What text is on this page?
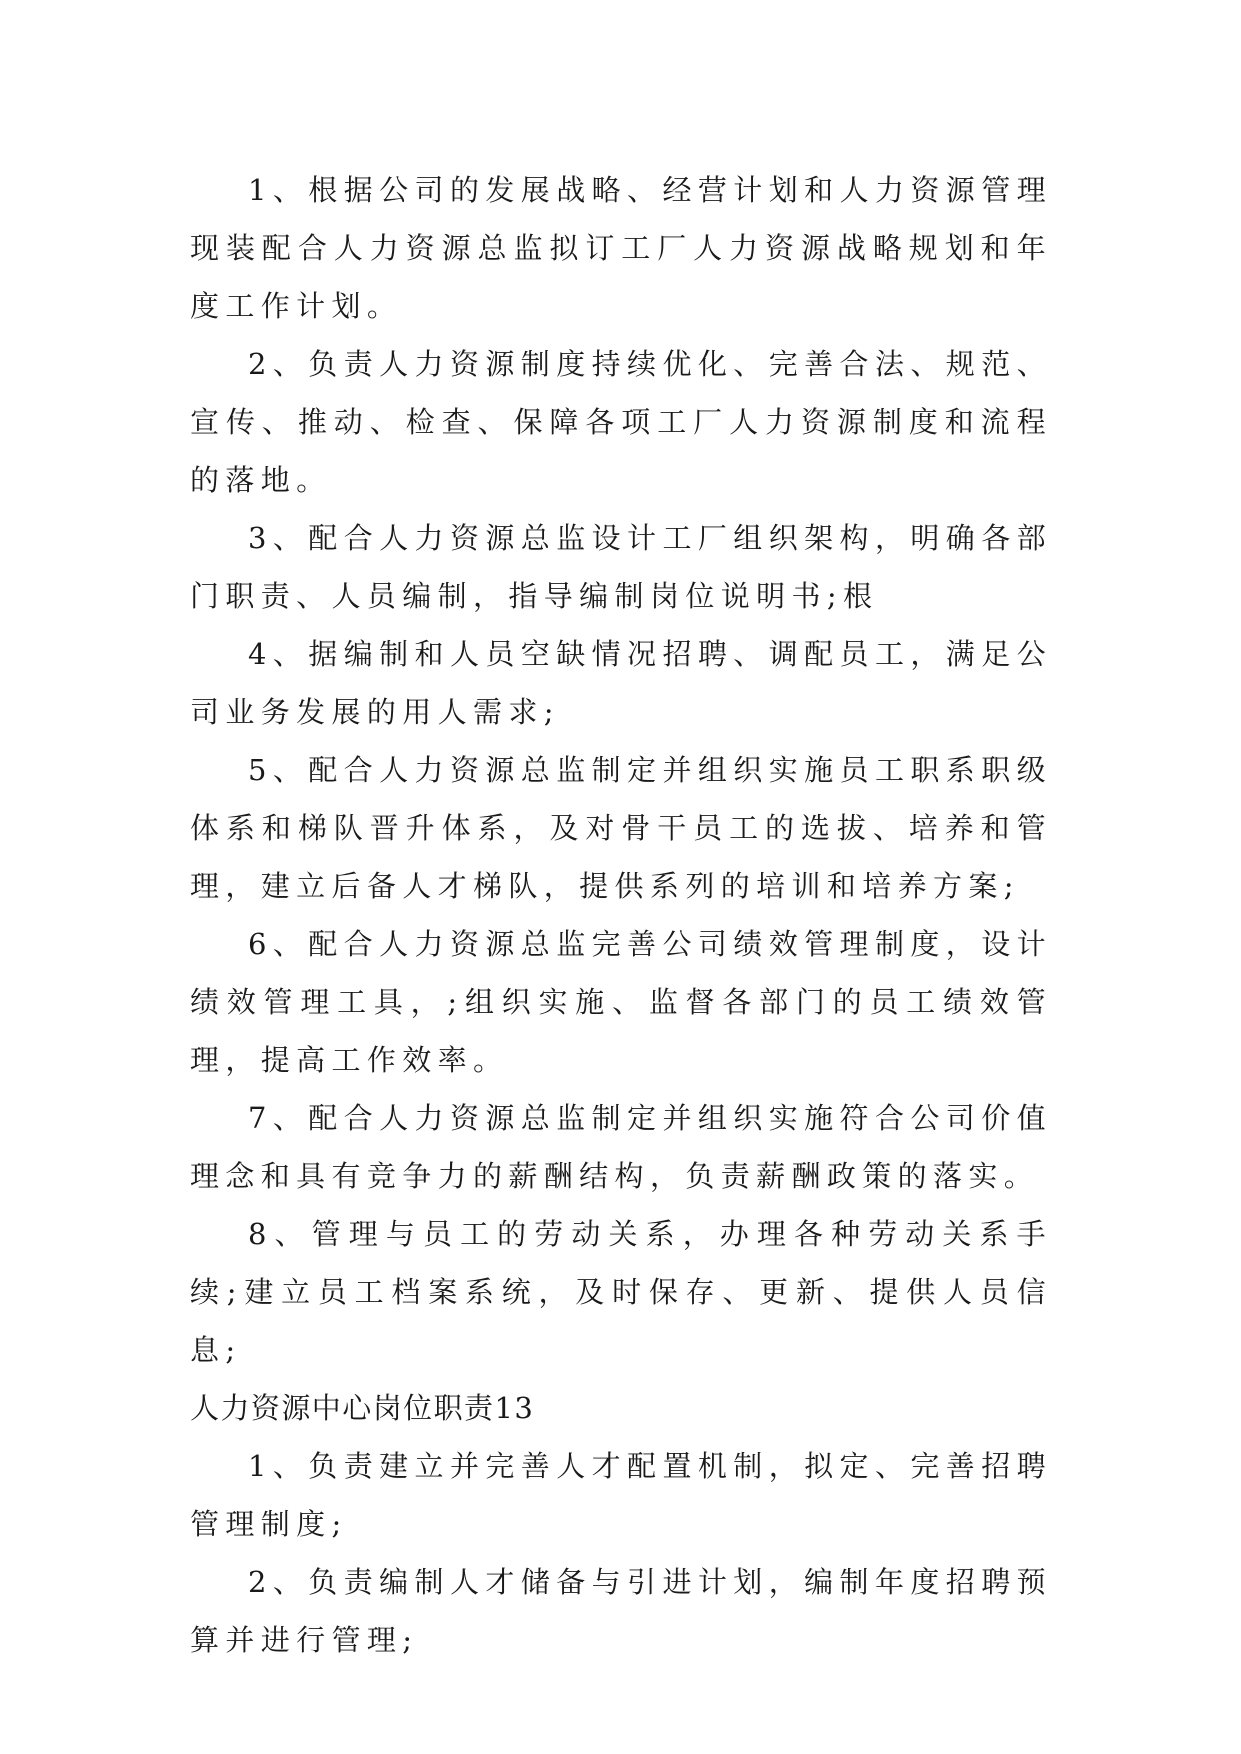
1、根据公司的发展战略、经营计划和人力资源管理现装配合人力资源总监拟订工厂人力资源战略规划和年度工作计划。

2、负责人力资源制度持续优化、完善合法、规范、宣传、推动、检查、保障各项工厂人力资源制度和流程的落地。

3、配合人力资源总监设计工厂组织架构，明确各部门职责、人员编制，指导编制岗位说明书;根

4、据编制和人员空缺情况招聘、调配员工，满足公司业务发展的用人需求;

5、配合人力资源总监制定并组织实施员工职系职级体系和梯队晋升体系，及对骨干员工的选拔、培养和管理，建立后备人才梯队，提供系列的培训和培养方案;

6、配合人力资源总监完善公司绩效管理制度，设计绩效管理工具，;组织实施、监督各部门的员工绩效管理，提高工作效率。

7、配合人力资源总监制定并组织实施符合公司价值理念和具有竞争力的薪酬结构，负责薪酬政策的落实。

8、管理与员工的劳动关系，办理各种劳动关系手续;建立员工档案系统，及时保存、更新、提供人员信息;

人力资源中心岗位职责13

1、负责建立并完善人才配置机制，拟定、完善招聘管理制度;

2、负责编制人才储备与引进计划，编制年度招聘预算并进行管理;
